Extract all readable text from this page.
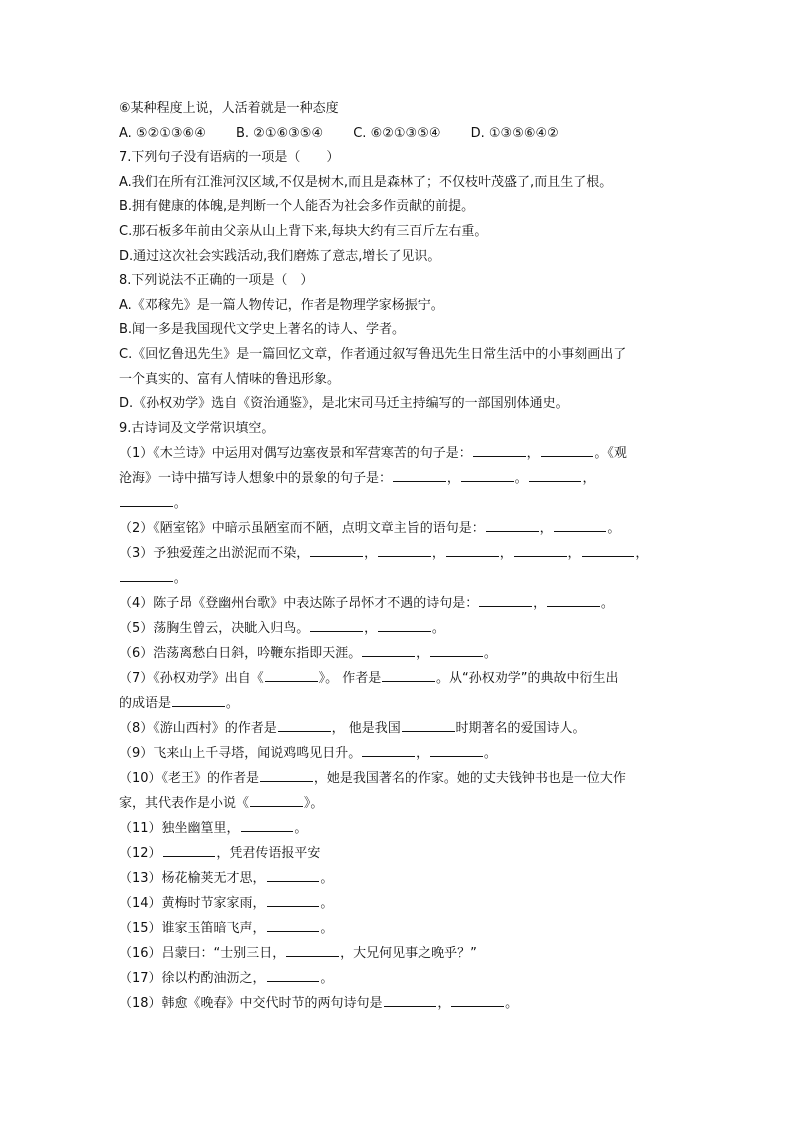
⑥某种程度上说，人活着就是一种态度
A. ⑤②①③⑥④　　 B. ②①⑥③⑤④　　 C. ⑥②①③⑤④　　 D. ①③⑤⑥④②
7.下列句子没有语病的一项是（　　）
A.我们在所有江淮河汉区域,不仅是树木,而且是森林了；不仅枝叶茂盛了,而且生了根。
B.拥有健康的体魄,是判断一个人能否为社会多作贡献的前提。
C.那石板多年前由父亲从山上背下来,每块大约有三百斤左右重。
D.通过这次社会实践活动,我们磨炼了意志,增长了见识。
8.下列说法不正确的一项是（　）
A.《邓稼先》是一篇人物传记，作者是物理学家杨振宁。
B.闻一多是我国现代文学史上著名的诗人、学者。
C.《回忆鲁迅先生》是一篇回忆文章，作者通过叙写鲁迅先生日常生活中的小事刻画出了
一个真实的、富有人情味的鲁迅形象。
D.《孙权劝学》选自《资治通鉴》，是北宋司马迁主持编写的一部国别体通史。
9.古诗词及文学常识填空。
（1）《木兰诗》中运用对偶写边塞夜景和军营寒苦的句子是：	，	。《观
沧海》一诗中描写诗人想象中的景象的句子是：	，	。	，
。
（2）《陋室铭》中暗示虽陋室而不陋，点明文章主旨的语句是：	，	。
（3）予独爱莲之出淤泥而不染，	，	，	，	，	，
。
（4）陈子昂《登幽州台歌》中表达陈子昂怀才不遇的诗句是：	，	。
（5）荡胸生曾云，决眦入归鸟。	，	。
（6）浩荡离愁白日斜，吟鞭东指即天涯。	，	。
（7）《孙权劝学》出自《	》。 作者是	。从“孙权劝学”的典故中衍生出
的成语是	。
（8）《游山西村》的作者是	， 他是我国	时期著名的爱国诗人。
（9）飞来山上千寻塔，闻说鸡鸣见日升。	，	。
（10）《老王》的作者是	，她是我国著名的作家。她的丈夫钱钟书也是一位大作
家，其代表作是小说《	》。
（11）独坐幽篁里，	。
（12）	，凭君传语报平安
（13）杨花榆荚无才思，	。
（14）黄梅时节家家雨，	。
（15）谁家玉笛暗飞声，	。
（16）吕蒙曰：“士别三日，	，大兄何见事之晚乎？”
（17）徐以杓酌油沥之，	。
（18）韩愈《晚春》中交代时节的两句诗句是	，	。
